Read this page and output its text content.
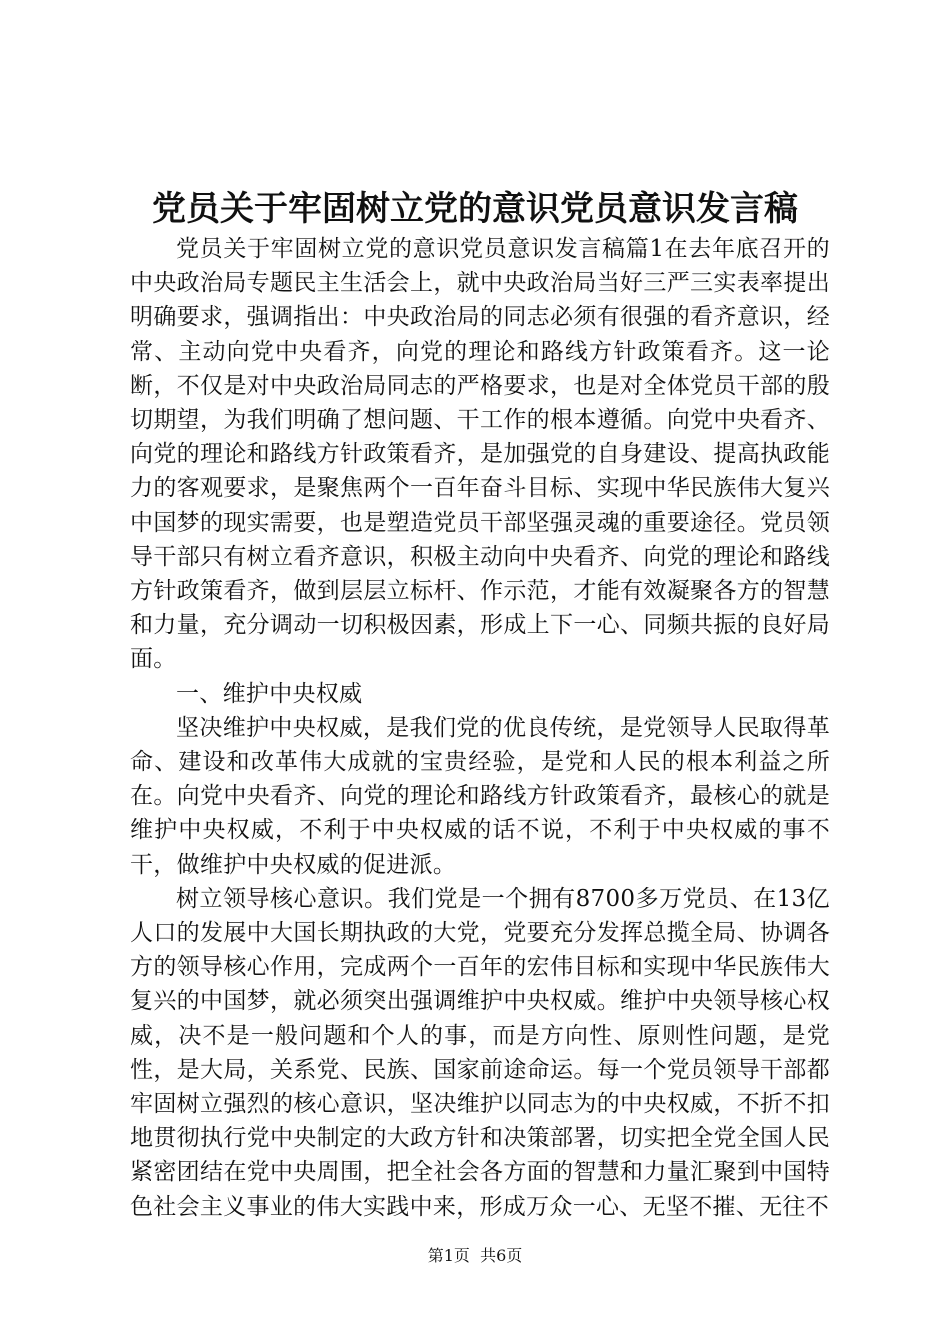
党员关于牢固树立党的意识党员意识发言稿

党员关于牢固树立党的意识党员意识发言稿篇1在去年底召开的中央政治局专题民主生活会上，就中央政治局当好三严三实表率提出明确要求，强调指出：中央政治局的同志必须有很强的看齐意识，经常、主动向党中央看齐，向党的理论和路线方针政策看齐。这一论断，不仅是对中央政治局同志的严格要求，也是对全体党员干部的殷切期望，为我们明确了想问题、干工作的根本遵循。向党中央看齐、向党的理论和路线方针政策看齐，是加强党的自身建设、提高执政能力的客观要求，是聚焦两个一百年奋斗目标、实现中华民族伟大复兴中国梦的现实需要，也是塑造党员干部坚强灵魂的重要途径。党员领导干部只有树立看齐意识，积极主动向中央看齐、向党的理论和路线方针政策看齐，做到层层立标杆、作示范，才能有效凝聚各方的智慧和力量，充分调动一切积极因素，形成上下一心、同频共振的良好局面。

一、维护中央权威

坚决维护中央权威，是我们党的优良传统，是党领导人民取得革命、建设和改革伟大成就的宝贵经验，是党和人民的根本利益之所在。向党中央看齐、向党的理论和路线方针政策看齐，最核心的就是维护中央权威，不利于中央权威的话不说，不利于中央权威的事不干，做维护中央权威的促进派。

树立领导核心意识。我们党是一个拥有8700多万党员、在13亿人口的发展中大国长期执政的大党，党要充分发挥总揽全局、协调各方的领导核心作用，完成两个一百年的宏伟目标和实现中华民族伟大复兴的中国梦，就必须突出强调维护中央权威。维护中央领导核心权威，决不是一般问题和个人的事，而是方向性、原则性问题，是党性，是大局，关系党、民族、国家前途命运。每一个党员领导干部都牢固树立强烈的核心意识，坚决维护以同志为的中央权威，不折不扣地贯彻执行党中央制定的大政方针和决策部署，切实把全党全国人民紧密团结在党中央周围，把全社会各方面的智慧和力量汇聚到中国特色社会主义事业的伟大实践中来，形成万众一心、无坚不摧、无往不

第1页  共6页
